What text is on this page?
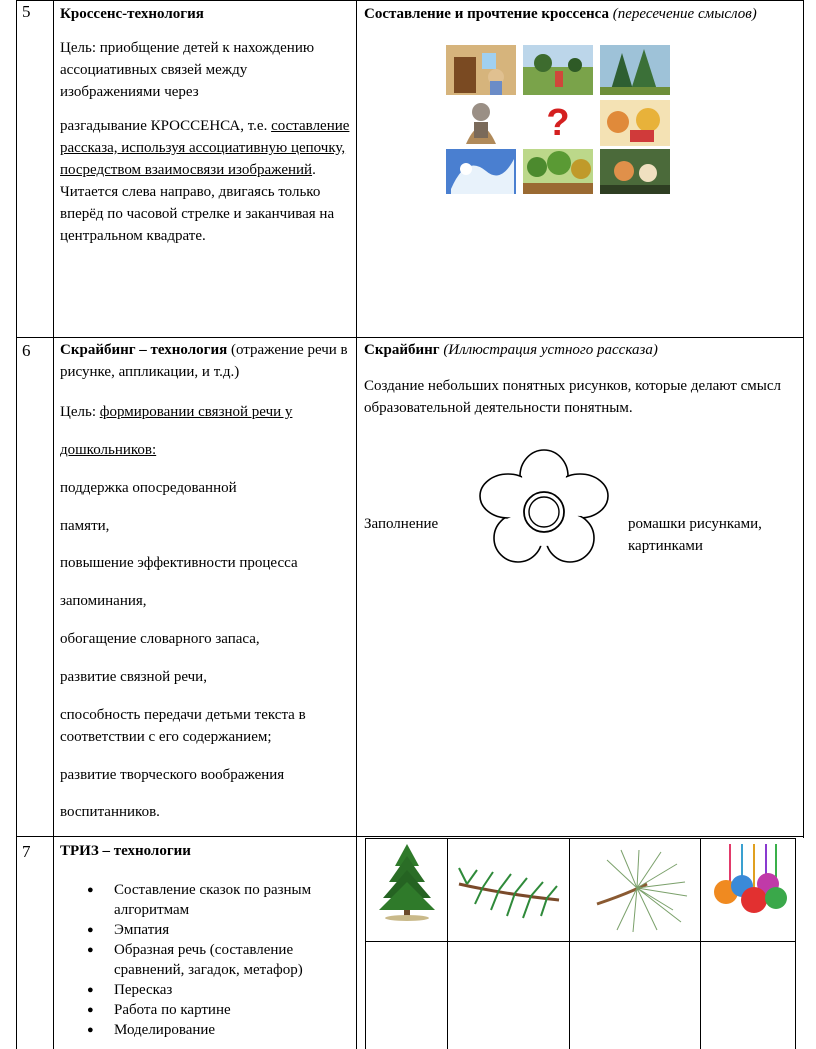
5 Кроссенс-технология

Цель: приобщение детей к нахождению ассоциативных связей между изображениями через

разгадывание КРОССЕНСА, т.е. составление рассказа, используя ассоциативную цепочку, посредством взаимосвязи изображений. Читается слева направо, двигаясь только вперёд по часовой стрелке и заканчивая на центральном квадрате.

Составление и прочтение кроссенса (пересечение смыслов)
?
6 Скрайбинг – технология (отражение речи в рисунке, аппликации, и т.д.)

Цель: формировании связной речи у

дошкольников:

поддержка опосредованной

памяти,

повышение эффективности процесса

запоминания,

обогащение словарного запаса,

развитие связной речи,

способность передачи детьми текста в соответствии с его содержанием;

развитие творческого воображения

воспитанников.

Скрайбинг (Иллюстрация устного рассказа)

Создание небольших понятных рисунков, которые делают смысл образовательной деятельности понятным.

Заполнение	ромашки рисунками, картинками
7 ТРИЗ – технологии

● Составление сказок по разным алгоритмам
● Эмпатия
● Образная речь (составление сравнений, загадок, метафор)
● Пересказ
● Работа по картине
● Моделирование
